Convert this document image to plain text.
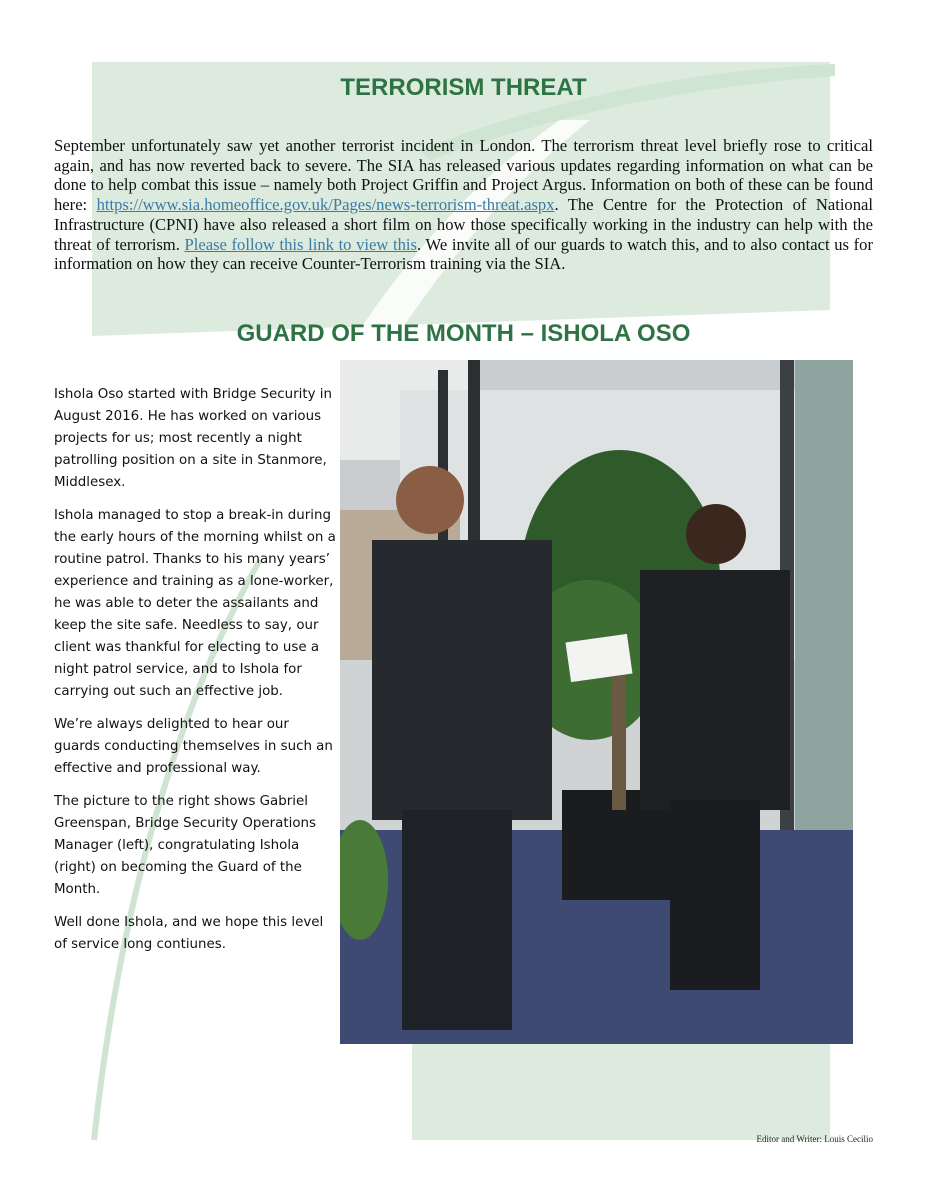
TERRORISM THREAT

September unfortunately saw yet another terrorist incident in London. The terrorism threat level briefly rose to critical again, and has now reverted back to severe. The SIA has released various updates regarding information on what can be done to help combat this issue – namely both Project Griffin and Project Argus. Information on both of these can be found here: https://www.sia.homeoffice.gov.uk/Pages/news-terrorism-threat.aspx. The Centre for the Protection of National Infrastructure (CPNI) have also released a short film on how those specifically working in the industry can help with the threat of terrorism. Please follow this link to view this. We invite all of our guards to watch this, and to also contact us for information on how they can receive Counter-Terrorism training via the SIA.

GUARD OF THE MONTH – ISHOLA OSO

Ishola Oso started with Bridge Security in August 2016. He has worked on various projects for us; most recently a night patrolling position on a site in Stanmore, Middlesex.

Ishola managed to stop a break-in during the early hours of the morning whilst on a routine patrol. Thanks to his many years’ experience and training as a lone-worker, he was able to deter the assailants and keep the site safe. Needless to say, our client was thankful for electing to use a night patrol service, and to Ishola for carrying out such an effective job.

We’re always delighted to hear our guards conducting themselves in such an effective and professional way.

The picture to the right shows Gabriel Greenspan, Bridge Security Operations Manager (left), congratulating Ishola (right) on becoming the Guard of the Month.

Well done Ishola, and we hope this level of service long contiunes.

Editor and Writer: Louis Cecilio
